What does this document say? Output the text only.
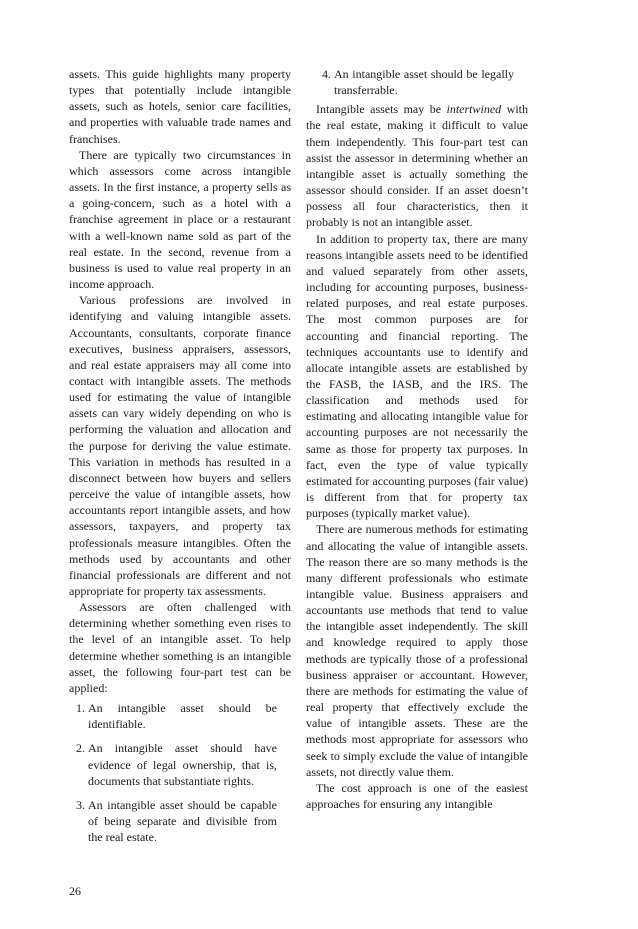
assets. This guide highlights many property types that potentially include intangible assets, such as hotels, senior care facilities, and properties with valuable trade names and franchises.

There are typically two circumstances in which assessors come across intangible assets. In the first instance, a property sells as a going-concern, such as a hotel with a franchise agreement in place or a restaurant with a well-known name sold as part of the real estate. In the second, revenue from a business is used to value real property in an income approach.

Various professions are involved in identifying and valuing intangible assets. Accountants, consultants, corporate finance executives, business appraisers, assessors, and real estate appraisers may all come into contact with intangible assets. The methods used for estimating the value of intangible assets can vary widely depending on who is performing the valuation and allocation and the purpose for deriving the value estimate. This variation in methods has resulted in a disconnect between how buyers and sellers perceive the value of intangible assets, how accountants report intangible assets, and how assessors, taxpayers, and property tax professionals measure intangibles. Often the methods used by accountants and other financial professionals are different and not appropriate for property tax assessments.

Assessors are often challenged with determining whether something even rises to the level of an intangible asset. To help determine whether something is an intangible asset, the following four-part test can be applied:

1. An intangible asset should be identifiable.
2. An intangible asset should have evidence of legal ownership, that is, documents that substantiate rights.
3. An intangible asset should be capable of being separate and divisible from the real estate.
4. An intangible asset should be legally transferrable.

Intangible assets may be intertwined with the real estate, making it difficult to value them independently. This four-part test can assist the assessor in determining whether an intangible asset is actually something the assessor should consider. If an asset doesn’t possess all four characteristics, then it probably is not an intangible asset.

In addition to property tax, there are many reasons intangible assets need to be identified and valued separately from other assets, including for accounting purposes, business-related purposes, and real estate purposes. The most common purposes are for accounting and financial reporting. The techniques accountants use to identify and allocate intangible assets are established by the FASB, the IASB, and the IRS. The classification and methods used for estimating and allocating intangible value for accounting purposes are not necessarily the same as those for property tax purposes. In fact, even the type of value typically estimated for accounting purposes (fair value) is different from that for property tax purposes (typically market value).

There are numerous methods for estimating and allocating the value of intangible assets. The reason there are so many methods is the many different professionals who estimate intangible value. Business appraisers and accountants use methods that tend to value the intangible asset independently. The skill and knowledge required to apply those methods are typically those of a professional business appraiser or accountant. However, there are methods for estimating the value of real property that effectively exclude the value of intangible assets. These are the methods most appropriate for assessors who seek to simply exclude the value of intangible assets, not directly value them.

The cost approach is one of the easiest approaches for ensuring any intangible

26
